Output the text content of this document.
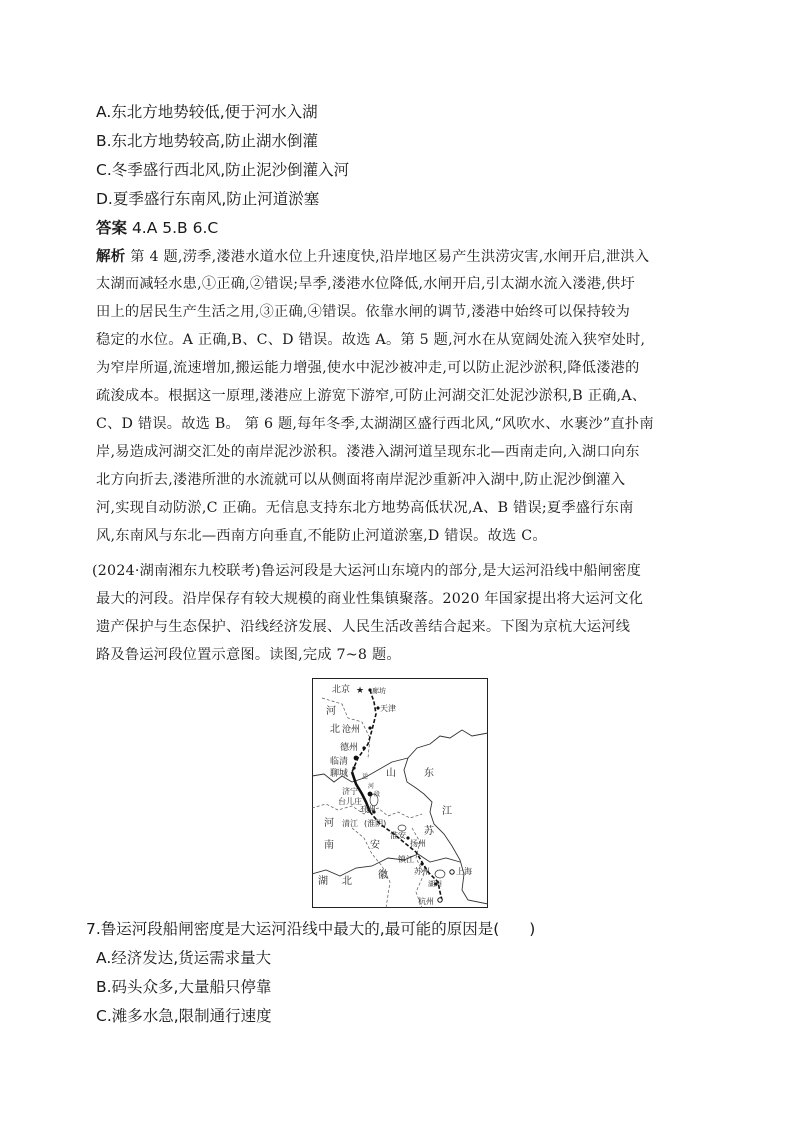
A.东北方地势较低,便于河水入湖
B.东北方地势较高,防止湖水倒灌
C.冬季盛行西北风,防止泥沙倒灌入河
D.夏季盛行东南风,防止河道淤塞
答案 4.A 5.B 6.C
解析 第 4 题,涝季,溇港水道水位上升速度快,沿岸地区易产生洪涝灾害,水闸开启,泄洪入
太湖而减轻水患,①正确,②错误;旱季,溇港水位降低,水闸开启,引太湖水流入溇港,供圩
田上的居民生产生活之用,③正确,④错误。依靠水闸的调节,溇港中始终可以保持较为
稳定的水位。A 正确,B、C、D 错误。故选 A。第 5 题,河水在从宽阔处流入狭窄处时,
为窄岸所逼,流速增加,搬运能力增强,使水中泥沙被冲走,可以防止泥沙淤积,降低溇港的
疏浚成本。根据这一原理,溇港应上游宽下游窄,可防止河湖交汇处泥沙淤积,B 正确,A、
C、D 错误。故选 B。 第 6 题,每年冬季,太湖湖区盛行西北风,“风吹水、水裹沙”直扑南
岸,易造成河湖交汇处的南岸泥沙淤积。溇港入湖河道呈现东北—西南走向,入湖口向东
北方向折去,溇港所泄的水流就可以从侧面将南岸泥沙重新冲入湖中,防止泥沙倒灌入
河,实现自动防淤,C 正确。无信息支持东北方地势高低状况,A、B 错误;夏季盛行东南
风,东南风与东北—西南方向垂直,不能防止河道淤塞,D 错误。故选 C。
(2024·湖南湘东九校联考)鲁运河段是大运河山东境内的部分,是大运河沿线中船闸密度
最大的河段。沿岸保存有较大规模的商业性集镇聚落。2020 年国家提出将大运河文化
遗产保护与生态保护、沿线经济发展、人民生活改善结合起来。下图为京杭大运河线
路及鲁运河段位置示意图。读图,完成 7~8 题。
★
北京	廊坊
天津
河
北 沧州
德州
临清
聊城	山	东
运
河
济 宁	段
台儿庄
邳州	江
河 清江 (淮阴)
苏
淮安
扬州
南	安
镇江
徽	苏州	上海
湖州
湖 北
杭州
7.鲁运河段船闸密度是大运河沿线中最大的,最可能的原因是( )
A.经济发达,货运需求量大
B.码头众多,大量船只停靠
C.滩多水急,限制通行速度
